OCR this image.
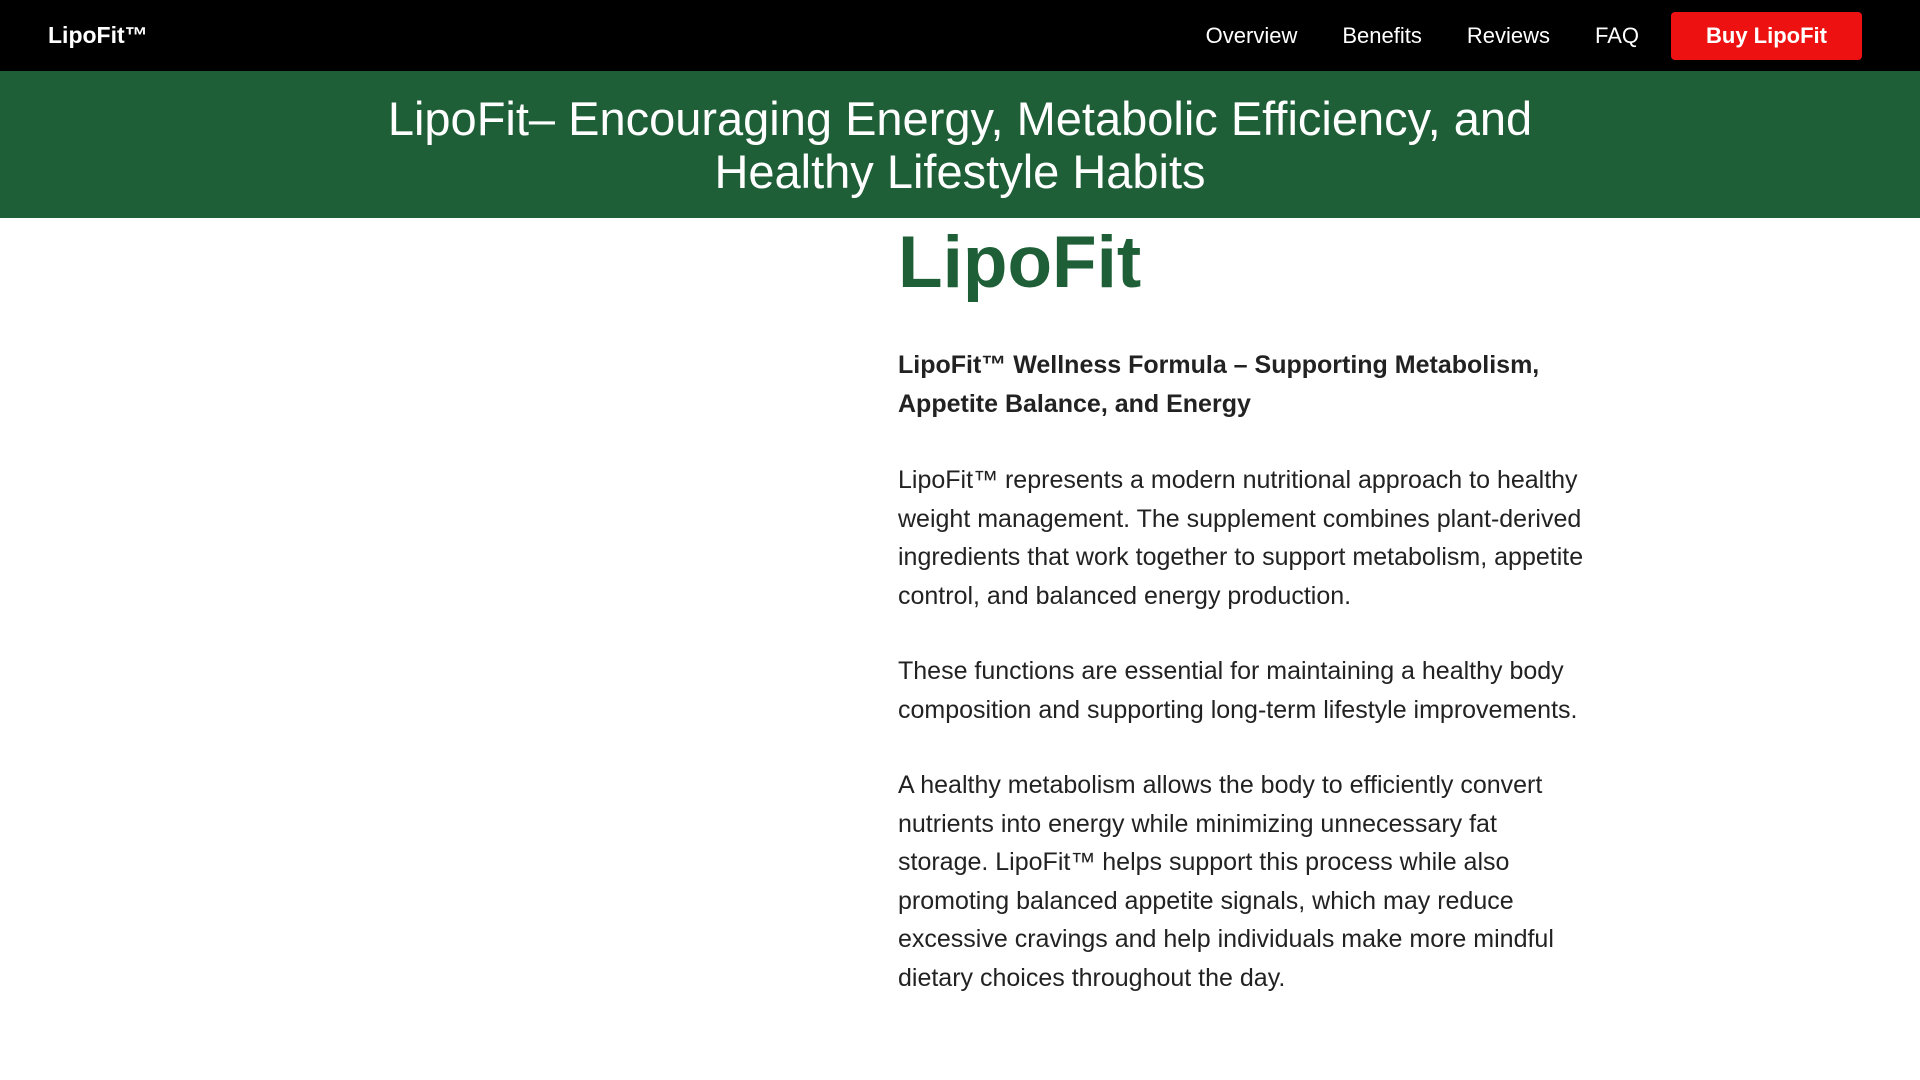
LipoFit™	Overview Benefits Reviews FAQ	Buy LipoFit
LipoFit– Encouraging Energy, Metabolic Efficiency, and Healthy Lifestyle Habits
LipoFit

LipoFit™ Wellness Formula – Supporting Metabolism, Appetite Balance, and Energy

LipoFit™ represents a modern nutritional approach to healthy weight management. The supplement combines plant-derived ingredients that work together to support metabolism, appetite control, and balanced energy production.

These functions are essential for maintaining a healthy body composition and supporting long-term lifestyle improvements.

A healthy metabolism allows the body to efficiently convert nutrients into energy while minimizing unnecessary fat storage. LipoFit™ helps support this process while also promoting balanced appetite signals, which may reduce excessive cravings and help individuals make more mindful dietary choices throughout the day.
